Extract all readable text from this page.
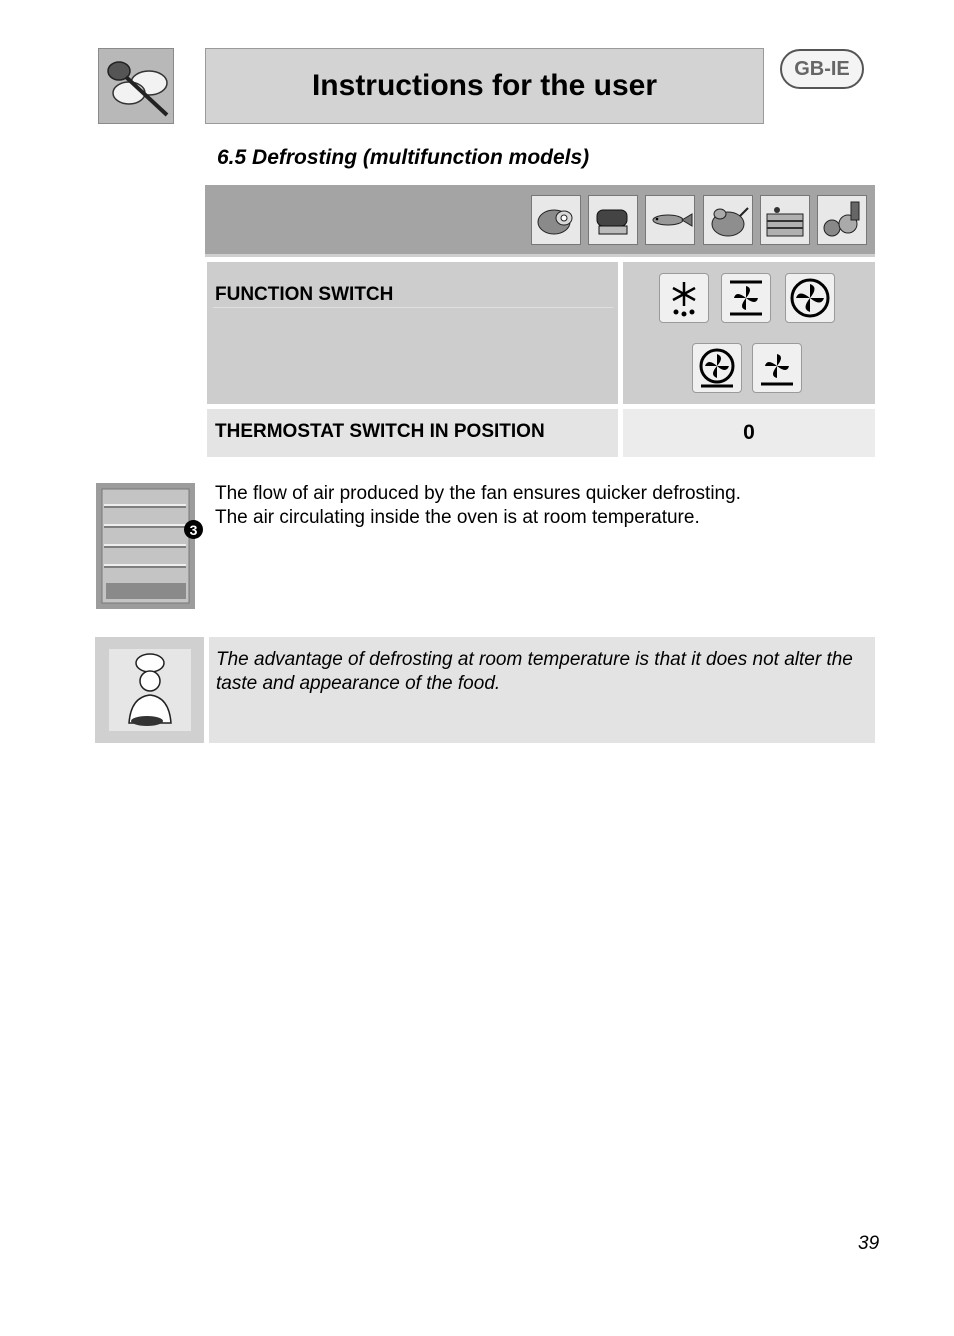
Instructions for the user
GB-IE
6.5 Defrosting (multifunction models)
FUNCTION SWITCH
THERMOSTAT SWITCH IN POSITION	0
3
The flow of air produced by the fan ensures quicker defrosting.
The air circulating inside the oven is at room temperature.
The advantage of defrosting at room temperature is that it does not alter the taste and appearance of the food.
39
